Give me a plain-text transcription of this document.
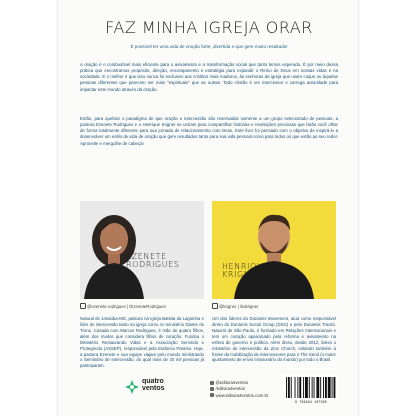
FAZ MINHA IGREJA ORAR
É possível ter uma vida de oração forte, divertida e que gere muito resultado!
A oração é o combustível mais eficiente para o avivamento e a transformação social que tanto temos esperado. É por meio dessa prática que encontramos propósito, direção, encorajamento e estratégia para expandir o Reino de Deus em nossas vidas e na sociedade. E o melhor é que isso nunca foi exclusivo aos cristãos mais maduros, às senhoras da igreja que usam coque ou àquelas pessoas diferentes que parecem ser mais "espirituais" que as outras. Todo cristão é um intercessor e carrega autoridade para impactar este mundo através da oração.
Então, para quebrar o paradigma de que oração e intercessão são reservadas somente a um grupo selecionado de pessoas, a pastora Ezenete Rodrigues e o Henrique Krigner se uniram para compartilhar histórias e revelações preciosas que farão você olhar de forma totalmente diferente para sua jornada de relacionamento com Deus. Este livro foi pensado com o objetivo de inspirá-lo a desenvolver um estilo de vida de oração que gere resultados tanto para sua vida pessoal como para todos os que estão ao seu redor. Aproveite e mergulhe de cabeça!
EZENETE
RODRIGUES	HENRIQUE
KRIGNER
@ezenete.rodrigues | /EzeneteRodrigues	@krigner | /itskrigner
Natural de Janaúba-MG, pastora na Igreja Batista da Lagoinha e líder de intercessão tanto na igreja como no ministério Diante do Trono. Casada com Marcos Rodrigues, é mãe de quatro filhos, além dos muitos que considera filhos de coração. Fundou o Ministério Restaurando Vidas e a Associação Servindo e Protegendo (ASSEP), responsável pela Estância Paraíso. Hoje, a pastora Ezenete e sua equipe viajam pelo mundo ministrando o Seminário de Intercessão, do qual mais de 20 mil pessoas já participaram.
Um dos líderes do Dunamis Movement, atua como responsável direto do Dunamis Social Group (DSG) e pelo Dunamis Tracks. Natural de São Paulo, é formado em Relações Internacionais e tem um coração apaixonado pela reforma e avivamento na esfera de governo e política. Além disso, desde 2012, lidera o ministério de intercessão da Zion Church, estando também à frente da mobilização de intercessores para o The Send (o maior ajuntamento de envio missionário do mundo) por todo o Brasil.
quatro
ventos
@editora4ventos
/editora4ventos
www.editora4ventos.com.br
9 786594 107360
